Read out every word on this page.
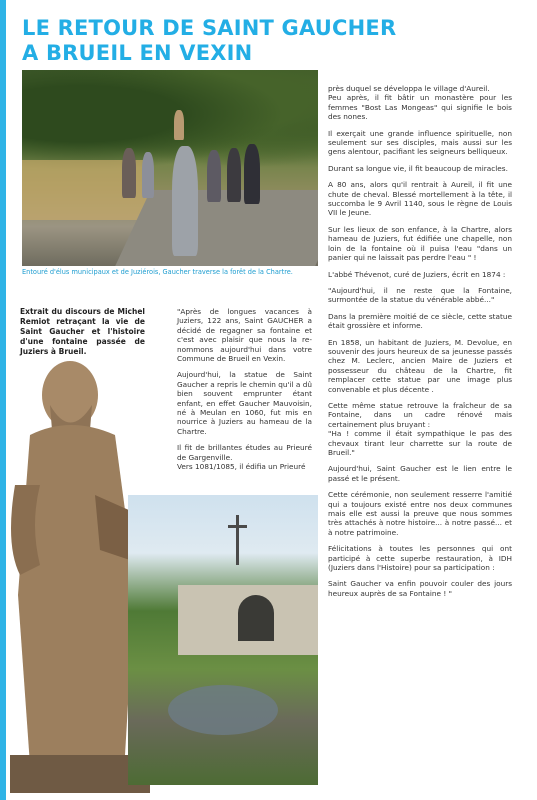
LE RETOUR DE SAINT GAUCHER
A BRUEIL EN VEXIN
Entouré d'élus municipaux et de Juziérois, Gaucher traverse la forêt de la Chartre.
Extrait du discours de Michel Remiot retraçant la vie de Saint Gaucher et l'histoire d'une fontaine passée de Juziers à Brueil.

"Après de longues vacances à Juziers, 122 ans, Saint GAUCHER a décidé de regagner sa fontaine et c'est avec plaisir que nous la re-nommons aujourd'hui dans votre Commune de Brueil en Vexin.

Aujourd'hui, la statue de Saint Gaucher a repris le chemin qu'il a dû bien souvent emprunter étant enfant, en effet Gaucher Mauvoisin, né à Meulan en 1060, fut mis en nourrice à Juziers au hameau de la Chartre.

Il fit de brillantes études au Prieuré de Gargenville.

Vers 1081/1085, il édifia un Prieuré

près duquel se développa le village d'Aureil.

Peu après, il fit bâtir un monastère pour les femmes "Bost Las Mongeas" qui signifie le bois des nones.

Il exerçait une grande influence spirituelle, non seulement sur ses disciples, mais aussi sur les gens alentour, pacifiant les seigneurs belliqueux.

Durant sa longue vie, il fit beaucoup de miracles.

A 80 ans, alors qu'il rentrait à Aureil, il fit une chute de cheval. Blessé mortellement à la tête, il succomba le 9 Avril 1140, sous le règne de Louis VII le Jeune.

Sur les lieux de son enfance, à la Chartre, alors hameau de Juziers, fut édifiée une chapelle, non loin de la fontaine où il puisa l'eau "dans un panier qui ne laissait pas perdre l'eau " !

L'abbé Thévenot, curé de Juziers, écrit en 1874 :

"Aujourd'hui, il ne reste que la Fontaine, surmontée de la statue du vénérable abbé..."

Dans la première moitié de ce siècle, cette statue était grossière et informe.

En 1858, un habitant de Juziers, M. Devolue, en souvenir des jours heureux de sa jeunesse passés chez M. Leclerc, ancien Maire de Juziers et possesseur du château de la Chartre, fit remplacer cette statue par une image plus convenable et plus décente .

Cette même statue retrouve la fraîcheur de sa Fontaine, dans un cadre rénové mais certainement plus bruyant :

"Ha ! comme il était sympathique le pas des chevaux tirant leur charrette sur la route de Brueil."

Aujourd'hui, Saint Gaucher est le lien entre le passé et le présent.

Cette cérémonie, non seulement resserre l'amitié qui a toujours existé entre nos deux communes mais elle est aussi la preuve que nous sommes très attachés à notre histoire... à notre passé... et à notre patrimoine.

Félicitations à toutes les personnes qui ont participé à cette superbe restauration, à IDH (Juziers dans l'Histoire) pour sa participation :

Saint Gaucher va enfin pouvoir couler des jours heureux auprès de sa Fontaine ! "
